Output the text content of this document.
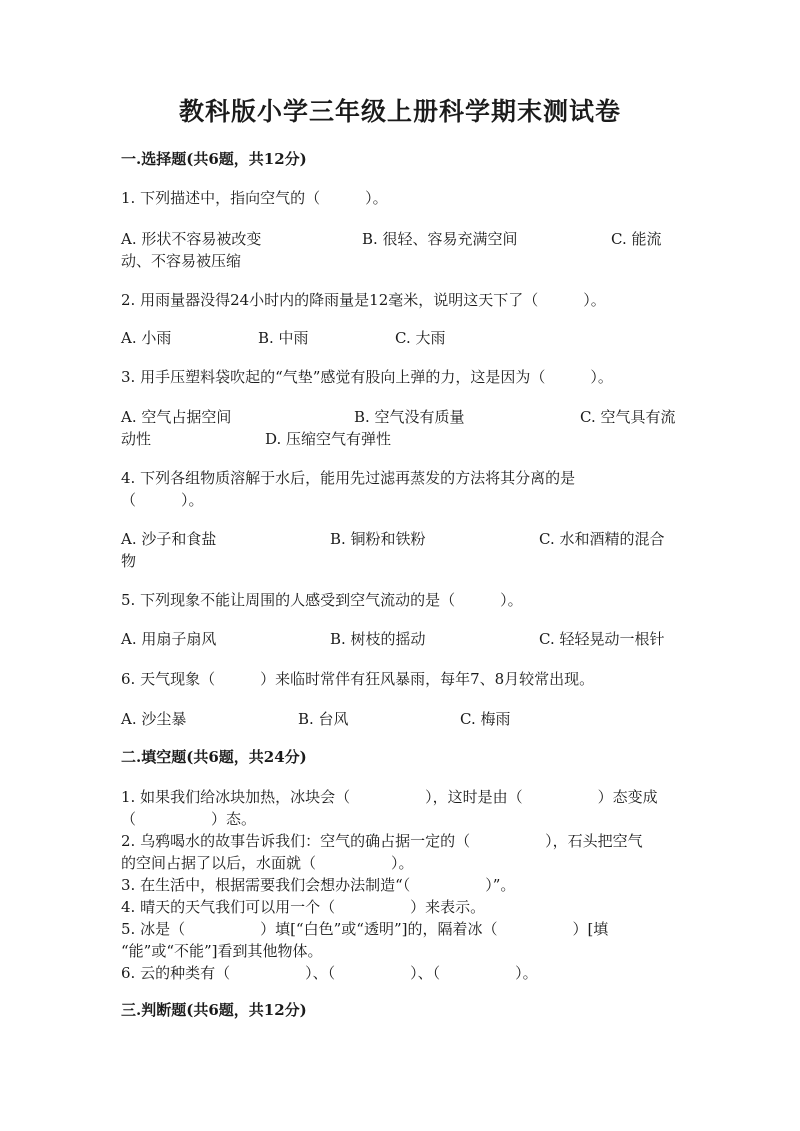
教科版小学三年级上册科学期末测试卷
一.选择题(共6题，共12分)
1. 下列描述中，指向空气的（　　　）。
A. 形状不容易被改变	B. 很轻、容易充满空间	C. 能流
动、不容易被压缩
2. 用雨量器没得24小时内的降雨量是12毫米，说明这天下了（　　　）。
A. 小雨	B. 中雨	C. 大雨
3. 用手压塑料袋吹起的“气垫”感觉有股向上弹的力，这是因为（　　　）。
A. 空气占据空间	B. 空气没有质量	C. 空气具有流
动性	D. 压缩空气有弹性
4. 下列各组物质溶解于水后，能用先过滤再蒸发的方法将其分离的是
（　　　）。
A. 沙子和食盐	B. 铜粉和铁粉	C. 水和酒精的混合
物
5. 下列现象不能让周围的人感受到空气流动的是（　　　）。
A. 用扇子扇风	B. 树枝的摇动	C. 轻轻晃动一根针
6. 天气现象（　　　）来临时常伴有狂风暴雨，每年7、8月较常出现。
A. 沙尘暴	B. 台风	C. 梅雨
二.填空题(共6题，共24分)
1. 如果我们给冰块加热，冰块会（　　　　　），这时是由（　　　　　）态变成
（　　　　　）态。
2. 乌鸦喝水的故事告诉我们：空气的确占据一定的（　　　　　），石头把空气
的空间占据了以后，水面就（　　　　　）。
3. 在生活中，根据需要我们会想办法制造“（　　　　　）”。
4. 晴天的天气我们可以用一个（　　　　　）来表示。
5. 冰是（　　　　　）填[“白色”或“透明”]的，隔着冰（　　　　　）[填
“能”或“不能”]看到其他物体。
6. 云的种类有（　　　　　）、（　　　　　）、（　　　　　）。
三.判断题(共6题，共12分)
